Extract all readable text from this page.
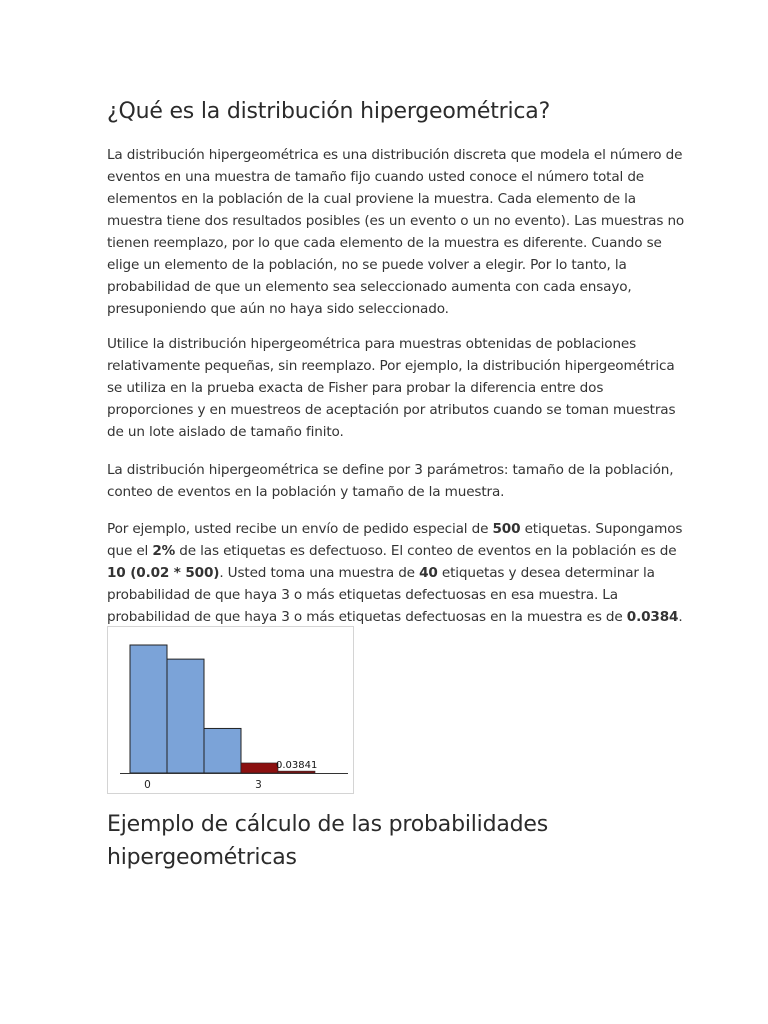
¿Qué es la distribución hipergeométrica?

La distribución hipergeométrica es una distribución discreta que modela el número de
eventos en una muestra de tamaño fijo cuando usted conoce el número total de
elementos en la población de la cual proviene la muestra. Cada elemento de la
muestra tiene dos resultados posibles (es un evento o un no evento). Las muestras no
tienen reemplazo, por lo que cada elemento de la muestra es diferente. Cuando se
elige un elemento de la población, no se puede volver a elegir. Por lo tanto, la
probabilidad de que un elemento sea seleccionado aumenta con cada ensayo,
presuponiendo que aún no haya sido seleccionado.

Utilice la distribución hipergeométrica para muestras obtenidas de poblaciones
relativamente pequeñas, sin reemplazo. Por ejemplo, la distribución hipergeométrica
se utiliza en la prueba exacta de Fisher para probar la diferencia entre dos
proporciones y en muestreos de aceptación por atributos cuando se toman muestras
de un lote aislado de tamaño finito.

La distribución hipergeométrica se define por 3 parámetros: tamaño de la población,
conteo de eventos en la población y tamaño de la muestra.

Por ejemplo, usted recibe un envío de pedido especial de 500 etiquetas. Supongamos
que el 2% de las etiquetas es defectuoso. El conteo de eventos en la población es de
10 (0.02 * 500). Usted toma una muestra de 40 etiquetas y desea determinar la
probabilidad de que haya 3 o más etiquetas defectuosas en esa muestra. La
probabilidad de que haya 3 o más etiquetas defectuosas en la muestra es de 0.0384.

Ejemplo de cálculo de las probabilidades
hipergeométricas
0.03841
0	3
